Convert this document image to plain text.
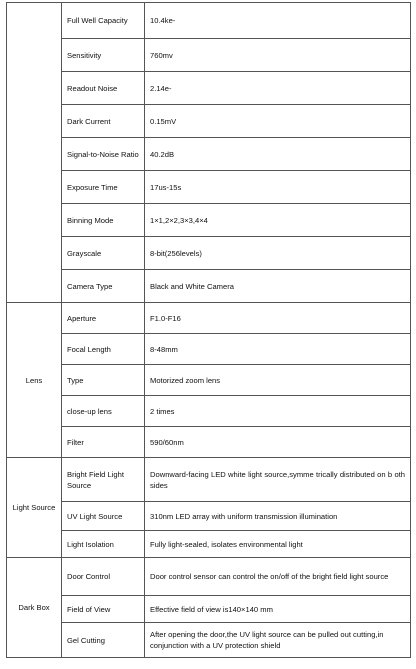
	Full Well Capacity	10.4ke-
	Sensitivity	760mv
	Readout Noise	2.14e-
	Dark Current	0.15mV
	Signal-to-Noise Ratio	40.2dB
	Exposure Time	17us-15s
	Binning Mode	1×1,2×2,3×3,4×4
	Grayscale	8-bit(256levels)
	Camera Type	Black and White Camera
Lens	Aperture	F1.0-F16
	Focal Length	8-48mm
	Type	Motorized zoom lens
	close-up lens	2 times
	Filter	590/60nm
Light Source	Bright Field Light Source	Downward-facing LED white light source,symme trically distributed on b oth sides
	UV Light Source	310nm LED array with uniform transmission illumination
	Light Isolation	Fully light-sealed, isolates environmental light
Dark Box	Door Control	Door control sensor can control the on/off of the bright field light source
	Field of View	Effective field of view is140×140 mm
	Gel Cutting	After opening the door,the UV light source can be pulled out cutting,in conjunction with a UV protection shield
